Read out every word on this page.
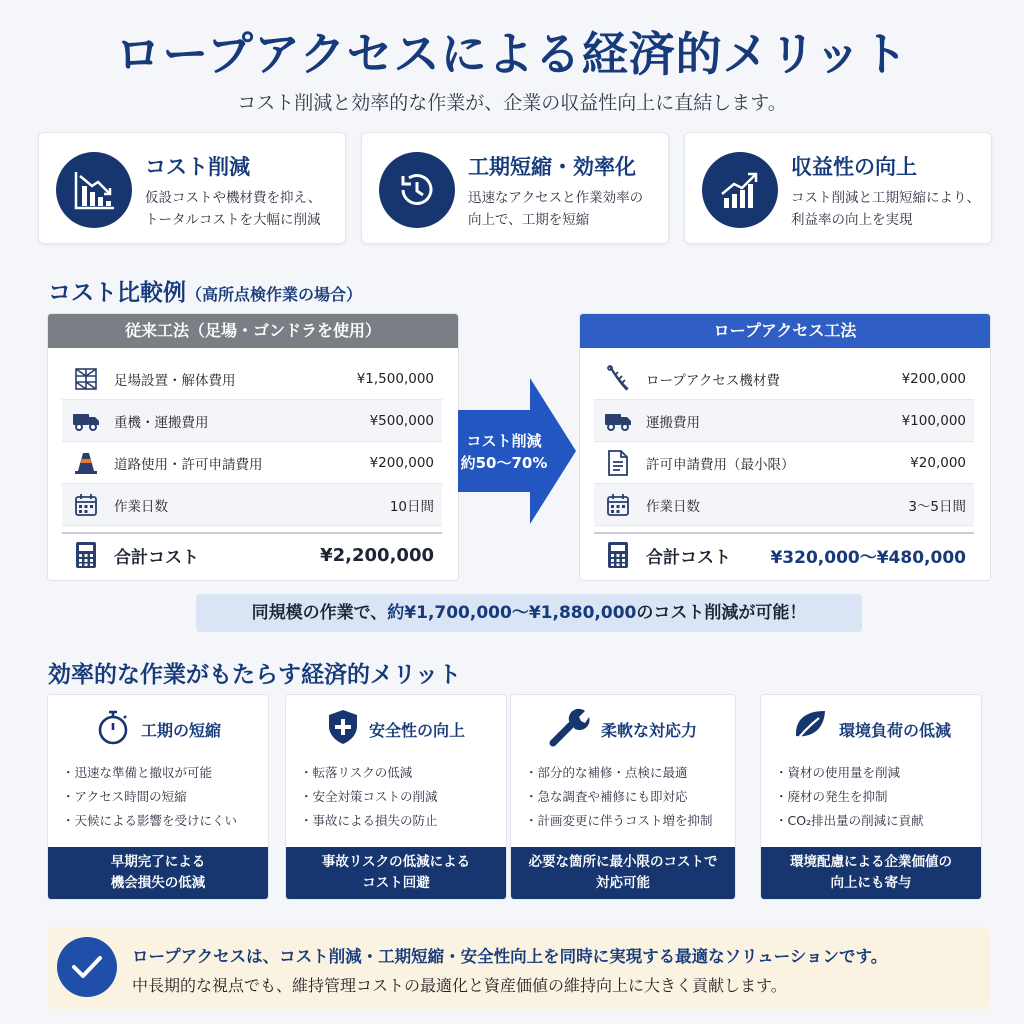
ロープアクセスによる経済的メリット
コスト削減と効率的な作業が、企業の収益性向上に直結します。
コスト削減
仮設コストや機材費を抑え、
トータルコストを大幅に削減
工期短縮・効率化
迅速なアクセスと作業効率の
向上で、工期を短縮
収益性の向上
コスト削減と工期短縮により、
利益率の向上を実現
コスト比較例（高所点検作業の場合）
従来工法（足場・ゴンドラを使用）
足場設置・解体費用	¥1,500,000
重機・運搬費用	¥500,000
道路使用・許可申請費用	¥200,000
作業日数	10日間
合計コスト	¥2,200,000
コスト削減
約50〜70%
ロープアクセス工法
ロープアクセス機材費	¥200,000
運搬費用	¥100,000
許可申請費用（最小限）	¥20,000
作業日数	3〜5日間
合計コスト	¥320,000〜¥480,000
同規模の作業で、約¥1,700,000〜¥1,880,000のコスト削減が可能！
効率的な作業がもたらす経済的メリット
工期の短縮
・迅速な準備と撤収が可能
・アクセス時間の短縮
・天候による影響を受けにくい
早期完了による
機会損失の低減
安全性の向上
・転落リスクの低減
・安全対策コストの削減
・事故による損失の防止
事故リスクの低減による
コスト回避
柔軟な対応力
・部分的な補修・点検に最適
・急な調査や補修にも即対応
・計画変更に伴うコスト増を抑制
必要な箇所に最小限のコストで
対応可能
環境負荷の低減
・資材の使用量を削減
・廃材の発生を抑制
・CO₂排出量の削減に貢献
環境配慮による企業価値の
向上にも寄与
ロープアクセスは、コスト削減・工期短縮・安全性向上を同時に実現する最適なソリューションです。
中長期的な視点でも、維持管理コストの最適化と資産価値の維持向上に大きく貢献します。
